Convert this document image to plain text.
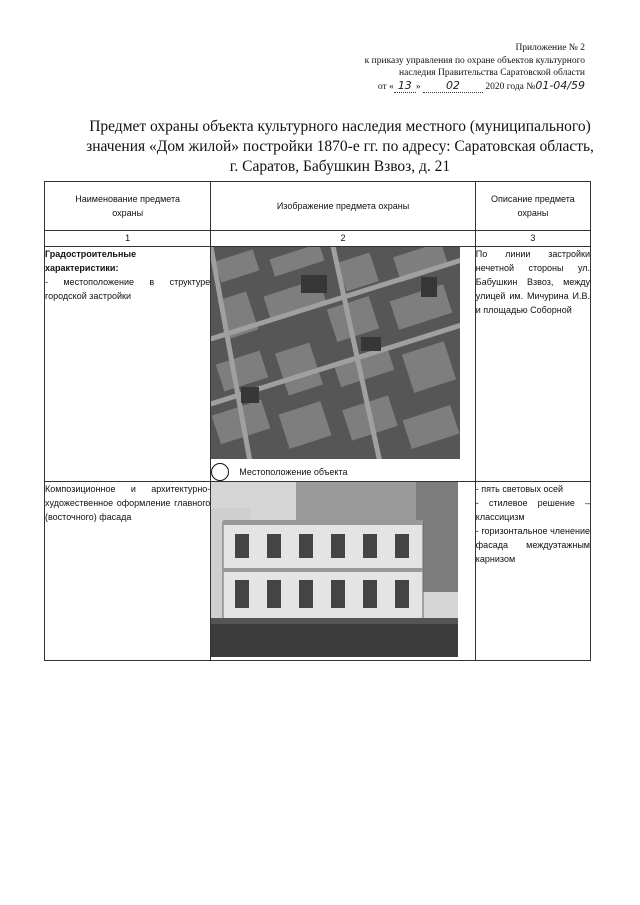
Приложение № 2
к приказу управления по охране объектов культурного
наследия Правительства Саратовской области
от « 13 » 02	2020 года №01-04/59
Предмет охраны объекта культурного наследия местного (муниципального)
значения «Дом жилой» постройки 1870-е гг. по адресу: Саратовская область,
г. Саратов, Бабушкин Взвоз, д. 21
Наименование предмета охраны	Изображение предмета охраны	Описание предмета охраны
1	2	3

Градостроительные характеристики:
- местоположение в структуре городской застройки	Местоположение объекта	По линии застройки нечетной стороны ул. Бабушкин Взвоз, между улицей им. Мичурина И.В. и площадью Соборной
Композиционное и архитектурно-художественное оформление главного (восточного) фасада		- пять световых осей
- стилевое решение – классицизм
- горизонтальное членение фасада междуэтажным карнизом
